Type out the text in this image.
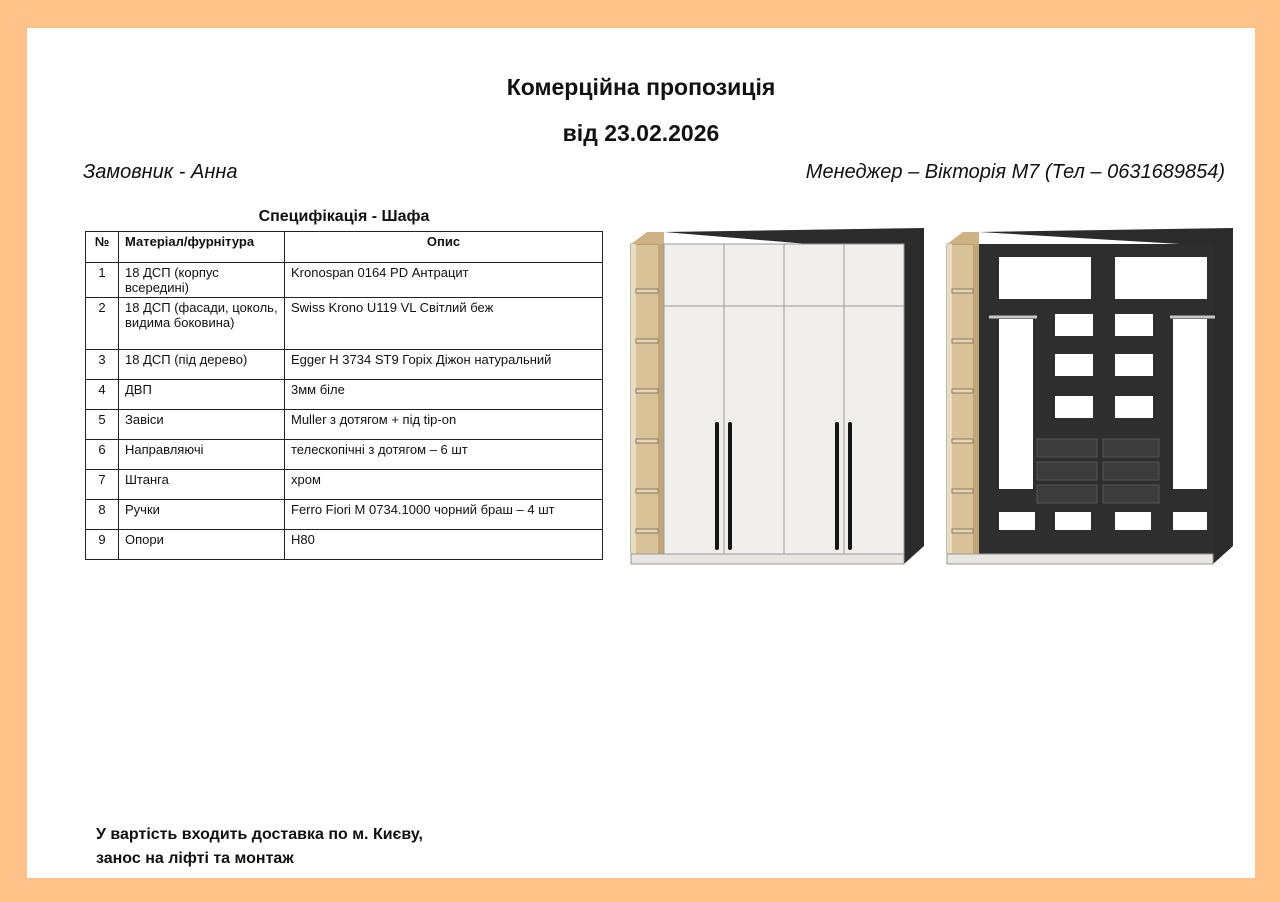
Комерційна пропозиція
від 23.02.2026
Замовник - Анна	Менеджер – Вікторія М7 (Тел – 0631689854)
Специфікація - Шафа
№	Матеріал/фурнітура	Опис
1	18 ДСП (корпус всередині)	Kronospan 0164 PD Антрацит
2	18 ДСП (фасади, цоколь, видима боковина)	Swiss Krono U119 VL Світлий беж
3	18 ДСП (під дерево)	Egger H 3734 ST9 Горіх Діжон натуральний
4	ДВП	3мм біле
5	Завіси	Muller з дотягом + під tip-on
6	Направляючі	телескопічні з дотягом – 6 шт
7	Штанга	хром
8	Ручки	Ferro Fiori M 0734.1000 чорний браш – 4 шт
9	Опори	H80
У вартість входить доставка по м. Києву,
занос на ліфті та монтаж
